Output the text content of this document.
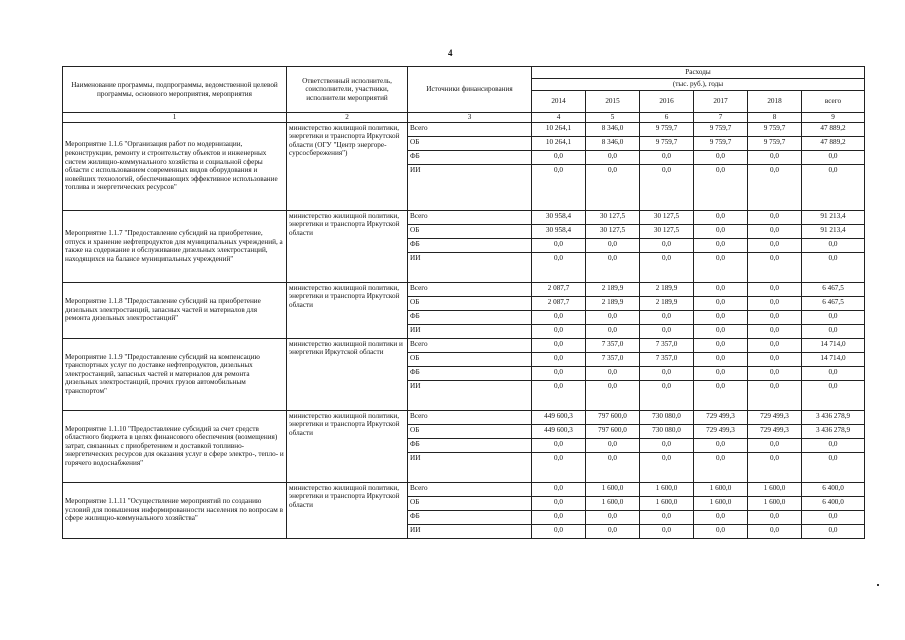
4
Наименование программы, подпрограммы, ведомственной целевой программы, основного мероприятия, мероприятия	Ответственный исполнитель, соисполнители, участники, исполнители мероприятий	Источники финансирования	Расходы					
			(тыс. руб.), годы					
			2014	2015	2016	2017	2018	всего
1	2	3	4	5	6	7	8	9
Мероприятие 1.1.6 "Организация работ по модернизации, реконструкции, ремонту и строительству объектов и инженерных систем жилищно-коммунального хозяйства и социальной сферы области с использованием современных видов оборудования и новейших технологий, обеспечивающих эффективное использование топлива и энергетических ресурсов"	министерство жилищной политики, энергетики и транспорта Иркутской области (ОГУ "Центр энергоре-сурсосбережения")	Всего	10 264,1	8 346,0	9 759,7	9 759,7	9 759,7	47 889,2
		ОБ	10 264,1	8 346,0	9 759,7	9 759,7	9 759,7	47 889,2
		ФБ	0,0	0,0	0,0	0,0	0,0	0,0
		ИИ	0,0	0,0	0,0	0,0	0,0	0,0
Мероприятие 1.1.7 "Предоставление субсидий на приобретение, отпуск и хранение нефтепродуктов для муниципальных учреждений, а также на содержание и обслуживание дизельных электростанций, находящихся на балансе муниципальных учреждений"	министерство жилищной политики, энергетики и транспорта Иркутской области	Всего	30 958,4	30 127,5	30 127,5	0,0	0,0	91 213,4
		ОБ	30 958,4	30 127,5	30 127,5	0,0	0,0	91 213,4
		ФБ	0,0	0,0	0,0	0,0	0,0	0,0
		ИИ	0,0	0,0	0,0	0,0	0,0	0,0
Мероприятие 1.1.8 "Предоставление субсидий на приобретение дизельных электростанций, запасных частей и материалов для ремонта дизельных электростанций"	министерство жилищной политики, энергетики и транспорта Иркутской области	Всего	2 087,7	2 189,9	2 189,9	0,0	0,0	6 467,5
		ОБ	2 087,7	2 189,9	2 189,9	0,0	0,0	6 467,5
		ФБ	0,0	0,0	0,0	0,0	0,0	0,0
		ИИ	0,0	0,0	0,0	0,0	0,0	0,0
Мероприятие 1.1.9 "Предоставление субсидий на компенсацию транспортных услуг по доставке нефтепродуктов, дизельных электростанций, запасных частей и материалов для ремонта дизельных электростанций, прочих грузов автомобильным транспортом"	министерство жилищной политики и энергетики Иркутской области	Всего	0,0	7 357,0	7 357,0	0,0	0,0	14 714,0
		ОБ	0,0	7 357,0	7 357,0	0,0	0,0	14 714,0
		ФБ	0,0	0,0	0,0	0,0	0,0	0,0
		ИИ	0,0	0,0	0,0	0,0	0,0	0,0
Мероприятие 1.1.10 "Предоставление субсидий за счет средств областного бюджета в целях финансового обеспечения (возмещения) затрат, связанных с приобретением и доставкой топливно-энергетических ресурсов для оказания услуг в сфере электро-, тепло- и горячего водоснабжения"	министерство жилищной политики, энергетики и транспорта Иркутской области	Всего	449 600,3	797 600,0	730 080,0	729 499,3	729 499,3	3 436 278,9
		ОБ	449 600,3	797 600,0	730 080,0	729 499,3	729 499,3	3 436 278,9
		ФБ	0,0	0,0	0,0	0,0	0,0	0,0
		ИИ	0,0	0,0	0,0	0,0	0,0	0,0
Мероприятие 1.1.11 "Осуществление мероприятий по созданию условий для повышения информированности населения по вопросам в сфере жилищно-коммунального хозяйства"	министерство жилищной политики, энергетики и транспорта Иркутской области	Всего	0,0	1 600,0	1 600,0	1 600,0	1 600,0	6 400,0
		ОБ	0,0	1 600,0	1 600,0	1 600,0	1 600,0	6 400,0
		ФБ	0,0	0,0	0,0	0,0	0,0	0,0
		ИИ	0,0	0,0	0,0	0,0	0,0	0,0
